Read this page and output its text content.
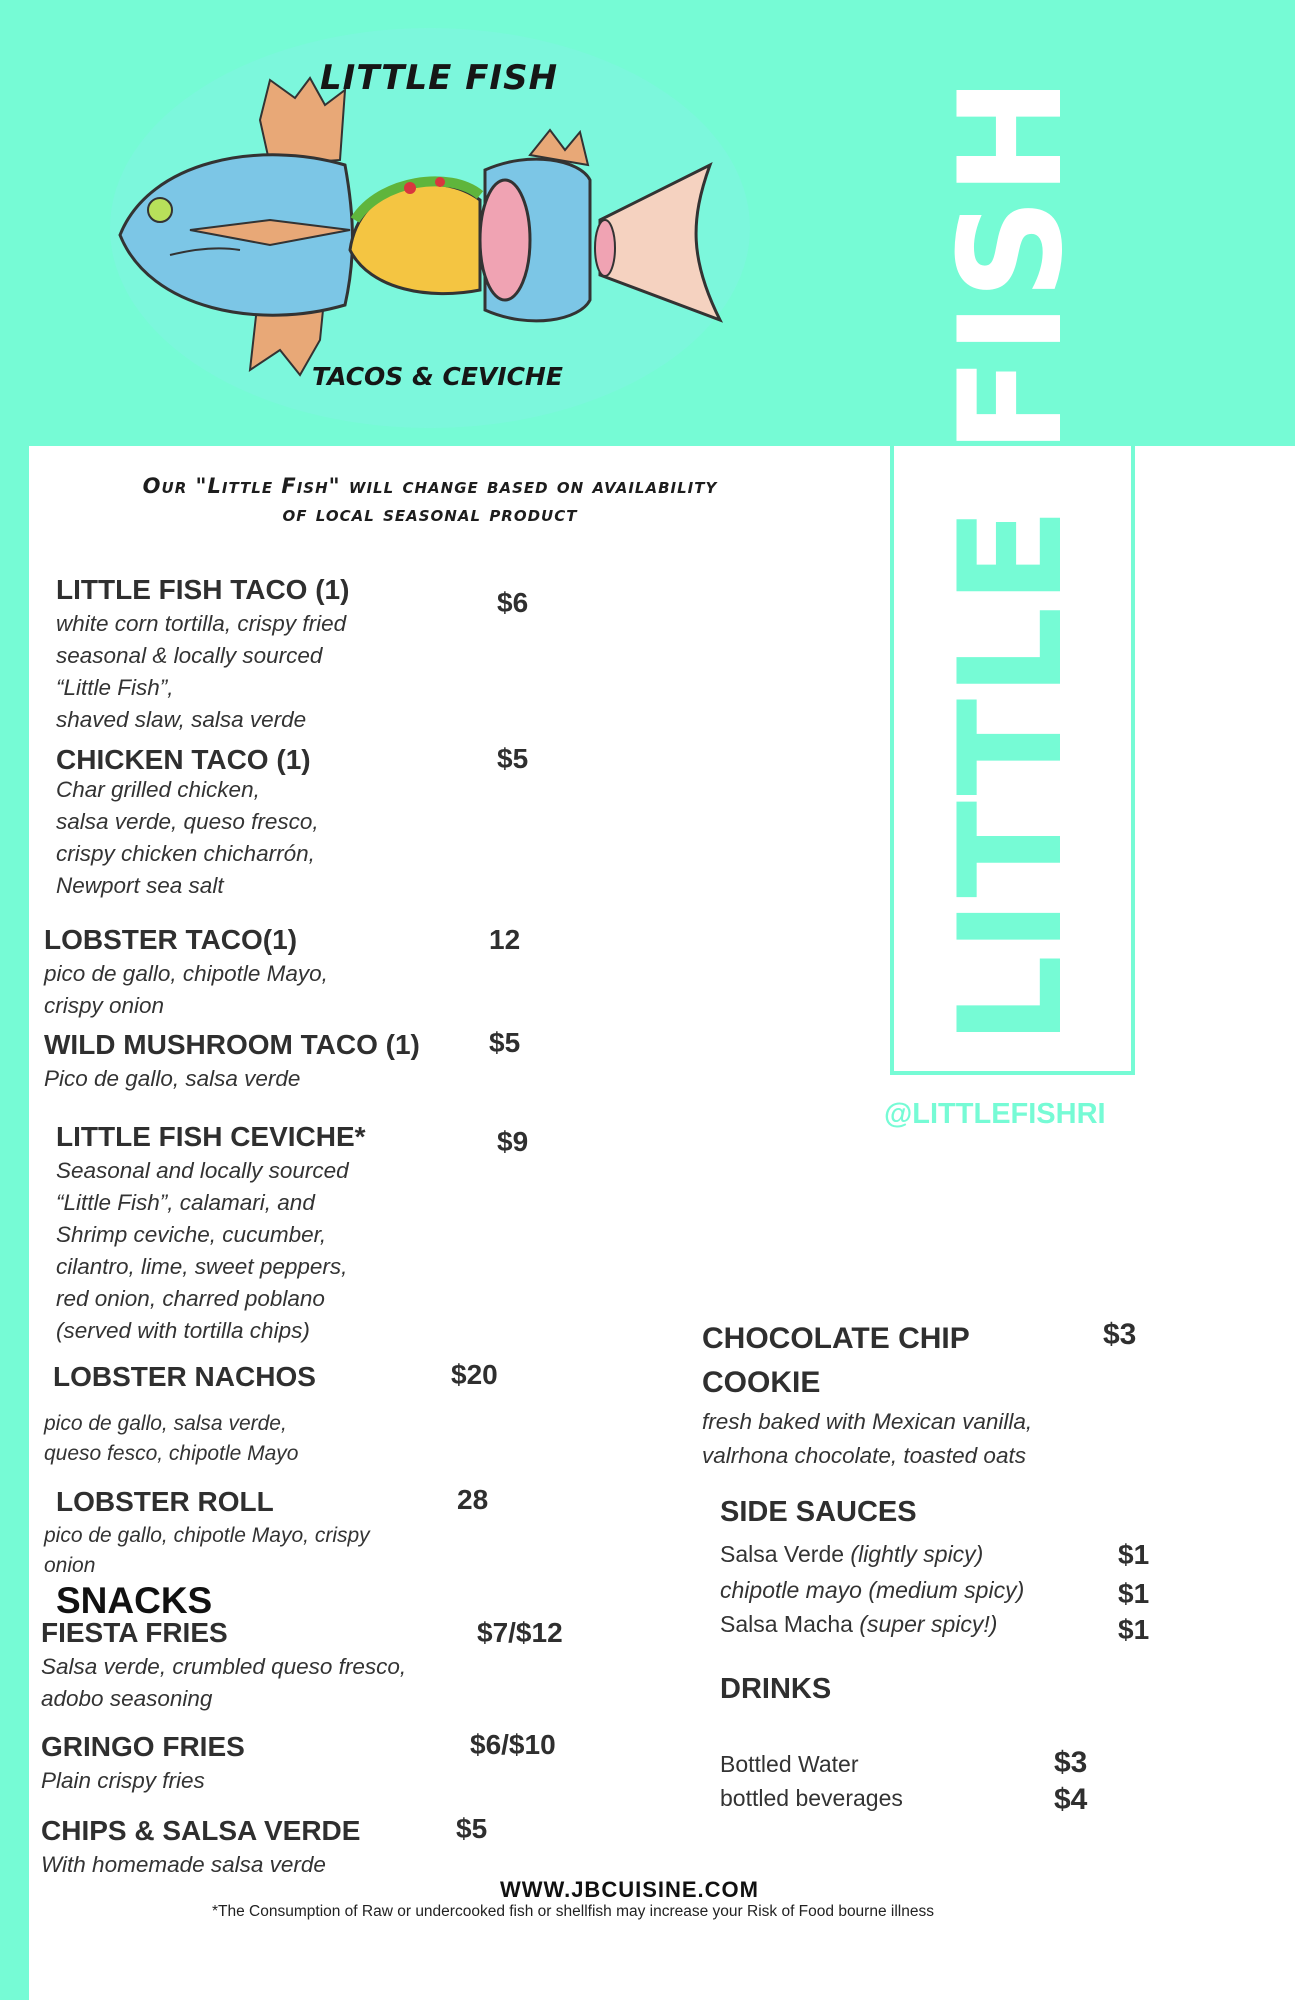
LITTLE FISH
TACOS & CEVICHE
LITTLE FISH
@LITTLEFISHRI
Our "Little Fish" will change based on availability
of local seasonal product
LITTLE FISH TACO (1)
white corn tortilla, crispy fried
seasonal & locally sourced
“Little Fish”,
shaved slaw, salsa verde
$6
CHICKEN TACO (1)
Char grilled chicken,
salsa verde, queso fresco,
crispy chicken chicharrón,
Newport sea salt
$5
LOBSTER TACO(1)
pico de gallo, chipotle Mayo,
crispy onion
12
WILD MUSHROOM TACO (1)
Pico de gallo, salsa verde
$5
LITTLE FISH CEVICHE*
Seasonal and locally sourced
“Little Fish”, calamari, and
Shrimp ceviche, cucumber,
cilantro, lime, sweet peppers,
red onion, charred poblano
(served with tortilla chips)
$9
LOBSTER NACHOS
pico de gallo, salsa verde,
queso fesco, chipotle Mayo
$20
LOBSTER ROLL
pico de gallo, chipotle Mayo, crispy
onion
28
SNACKS
FIESTA FRIES
Salsa verde, crumbled queso fresco,
adobo seasoning
$7/$12
GRINGO FRIES
Plain crispy fries
$6/$10
CHIPS & SALSA VERDE
With homemade salsa verde
$5
CHOCOLATE CHIP
COOKIE
fresh baked with Mexican vanilla,
valrhona chocolate, toasted oats
$3
SIDE SAUCES
Salsa Verde (lightly spicy)	$1
chipotle mayo (medium spicy)	$1
Salsa Macha (super spicy!)	$1
DRINKS
Bottled Water	$3
bottled beverages	$4
WWW.JBCUISINE.COM
*The Consumption of Raw or undercooked fish or shellfish may increase your Risk of Food bourne illness
